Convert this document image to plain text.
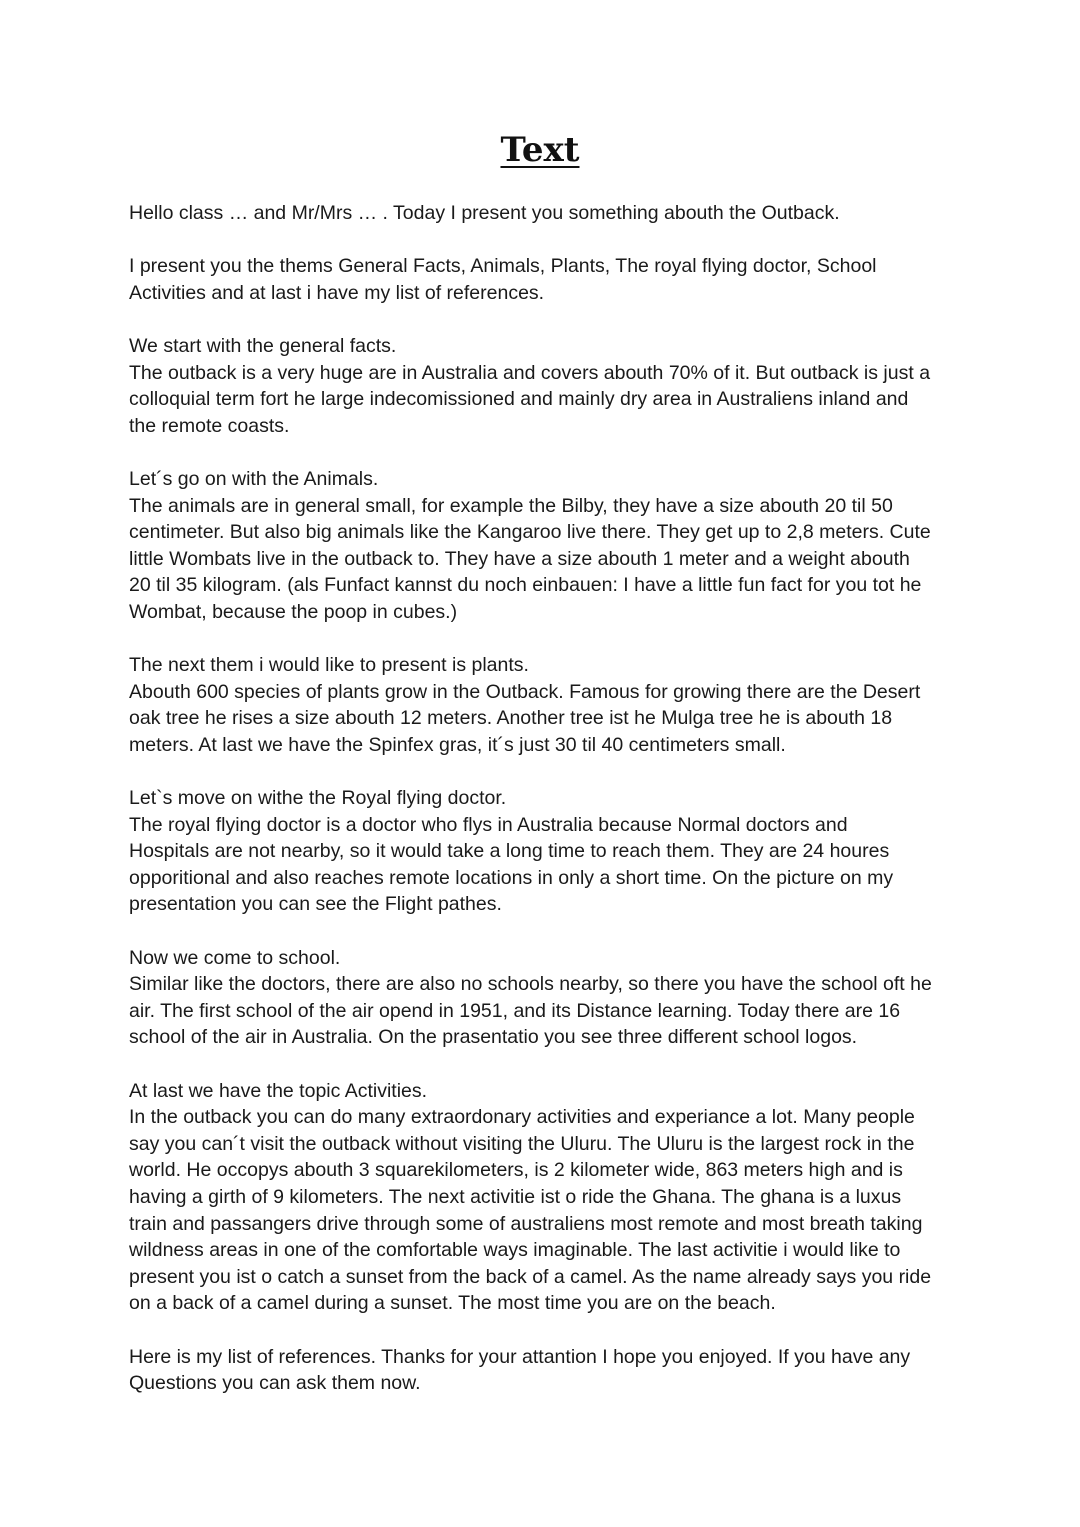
Text
Hello class … and Mr/Mrs … . Today I present you something abouth the Outback.
I present you the thems General Facts, Animals, Plants, The royal flying doctor, School
Activities and at last i have my list of references.
We start with the general facts.
The outback is a very huge are in Australia and covers abouth 70% of it. But outback is just a
colloquial term fort he large indecomissioned and mainly dry area in Australiens inland and
the remote coasts.
Let´s go on with the Animals.
The animals are in general small, for example the Bilby, they have a size abouth 20 til 50
centimeter. But also big animals like the Kangaroo live there. They get up to 2,8 meters. Cute
little Wombats live in the outback to. They have a size abouth 1 meter and a weight abouth
20 til 35 kilogram. (als Funfact kannst du noch einbauen: I have a little fun fact for you tot he
Wombat, because the poop in cubes.)
The next them i would like to present is plants.
Abouth 600 species of plants grow in the Outback. Famous for growing there are the Desert
oak tree he rises a size abouth 12 meters. Another tree ist he Mulga tree he is abouth 18
meters. At last we have the Spinfex gras, it´s just 30 til 40 centimeters small.
Let`s move on withe the Royal flying doctor.
The royal flying doctor is a doctor who flys in Australia because Normal doctors and
Hospitals are not nearby, so it would take a long time to reach them. They are 24 houres
opporitional and also reaches remote locations in only a short time. On the picture on my
presentation you can see the Flight pathes.
Now we come to school.
Similar like the doctors, there are also no schools nearby, so there you have the school oft he
air. The first school of the air opend in 1951, and its Distance learning. Today there are 16
school of the air in Australia. On the prasentatio you see three different school logos.
At last we have the topic Activities.
In the outback you can do many extraordonary activities and experiance a lot. Many people
say you can´t visit the outback without visiting the Uluru. The Uluru is the largest rock in the
world. He occopys abouth 3 squarekilometers, is 2 kilometer wide, 863 meters high and is
having a girth of 9 kilometers. The next activitie ist o ride the Ghana. The ghana is a luxus
train and passangers drive through some of australiens most remote and most breath taking
wildness areas in one of the comfortable ways imaginable. The last activitie i would like to
present you ist o catch a sunset from the back of a camel. As the name already says you ride
on a back of a camel during a sunset. The most time you are on the beach.
Here is my list of references. Thanks for your attantion I hope you enjoyed. If you have any
Questions you can ask them now.
